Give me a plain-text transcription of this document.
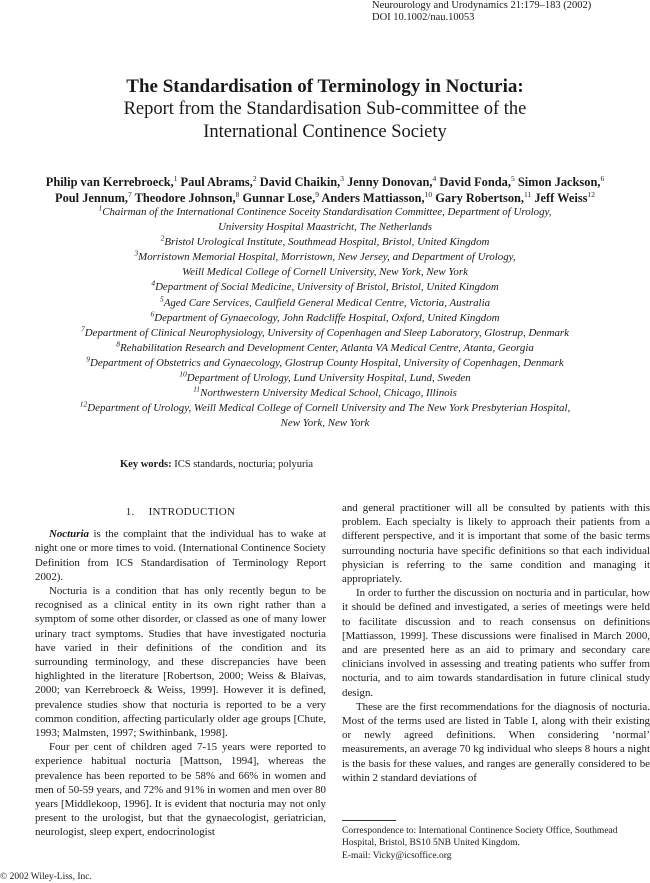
Neurourology and Urodynamics 21:179–183 (2002)
DOI 10.1002/nau.10053
The Standardisation of Terminology in Nocturia:
Report from the Standardisation Sub-committee of the
International Continence Society
Philip van Kerrebroeck,$^1$ Paul Abrams,$^2$ David Chaikin,$^3$ Jenny Donovan,$^4$ David Fonda,$^5$ Simon Jackson,$^6$
Poul Jennum,$^7$ Theodore Johnson,$^8$ Gunnar Lose,$^9$ Anders Mattiasson,$^{10}$ Gary Robertson,$^{11}$ Jeff Weiss$^{12}$
$^1$Chairman of the International Continence Soceity Standardisation Committee, Department of Urology,
University Hospital Maastricht, The Netherlands
$^2$Bristol Urological Institute, Southmead Hospital, Bristol, United Kingdom
$^3$Morristown Memorial Hospital, Morristown, New Jersey, and Department of Urology,
Weill Medical College of Cornell University, New York, New York
$^4$Department of Social Medicine, University of Bristol, Bristol, United Kingdom
$^5$Aged Care Services, Caulfield General Medical Centre, Victoria, Australia
$^6$Department of Gynaecology, John Radcliffe Hospital, Oxford, United Kingdom
$^7$Department of Clinical Neurophysiology, University of Copenhagen and Sleep Laboratory, Glostrup, Denmark
$^8$Rehabilitation Research and Development Center, Atlanta VA Medical Centre, Atanta, Georgia
$^9$Department of Obstetrics and Gynaecology, Glostrup County Hospital, University of Copenhagen, Denmark
$^{10}$Department of Urology, Lund University Hospital, Lund, Sweden
$^{11}$Northwestern University Medical School, Chicago, Illinois
$^{12}$Department of Urology, Weill Medical College of Cornell University and The New York Presbyterian Hospital,
New York, New York
Key words: ICS standards, nocturia; polyuria
1. INTRODUCTION

Nocturia is the complaint that the individual has to wake at night one or more times to void. (International Continence Society Definition from ICS Standardisation of Terminology Report 2002).

Nocturia is a condition that has only recently begun to be recognised as a clinical entity in its own right rather than a symptom of some other disorder, or classed as one of many lower urinary tract symptoms. Studies that have investigated nocturia have varied in their definitions of the condition and its surrounding terminology, and these discrepancies have been highlighted in the literature [Robertson, 2000; Weiss & Blaivas, 2000; van Kerrebroeck & Weiss, 1999]. However it is defined, prevalence studies show that nocturia is reported to be a very common condition, affecting particularly older age groups [Chute, 1993; Malmsten, 1997; Swithinbank, 1998].

Four per cent of children aged 7-15 years were reported to experience habitual nocturia [Mattson, 1994], whereas the prevalence has been reported to be 58% and 66% in women and men of 50-59 years, and 72% and 91% in women and men over 80 years [Middlekoop, 1996]. It is evident that nocturia may not only present to the urologist, but that the gynaecologist, geriatrician, neurologist, sleep expert, endocrinologist

and general practitioner will all be consulted by patients with this problem. Each specialty is likely to approach their patients from a different perspective, and it is important that some of the basic terms surrounding nocturia have specific definitions so that each individual physician is referring to the same condition and managing it appropriately.

In order to further the discussion on nocturia and in particular, how it should be defined and investigated, a series of meetings were held to facilitate discussion and to reach consensus on definitions [Mattiasson, 1999]. These discussions were finalised in March 2000, and are presented here as an aid to primary and secondary care clinicians involved in assessing and treating patients who suffer from nocturia, and to aim towards standardisation in future clinical study design.

These are the first recommendations for the diagnosis of nocturia. Most of the terms used are listed in Table I, along with their existing or newly agreed definitions. When considering ‘normal’ measurements, an average 70 kg individual who sleeps 8 hours a night is the basis for these values, and ranges are generally considered to be within 2 standard deviations of

Correspondence to: International Continence Society Office, Southmead Hospital, Bristol, BS10 5NB United Kingdom.
E-mail: Vicky@icsoffice.org
© 2002 Wiley-Liss, Inc.
